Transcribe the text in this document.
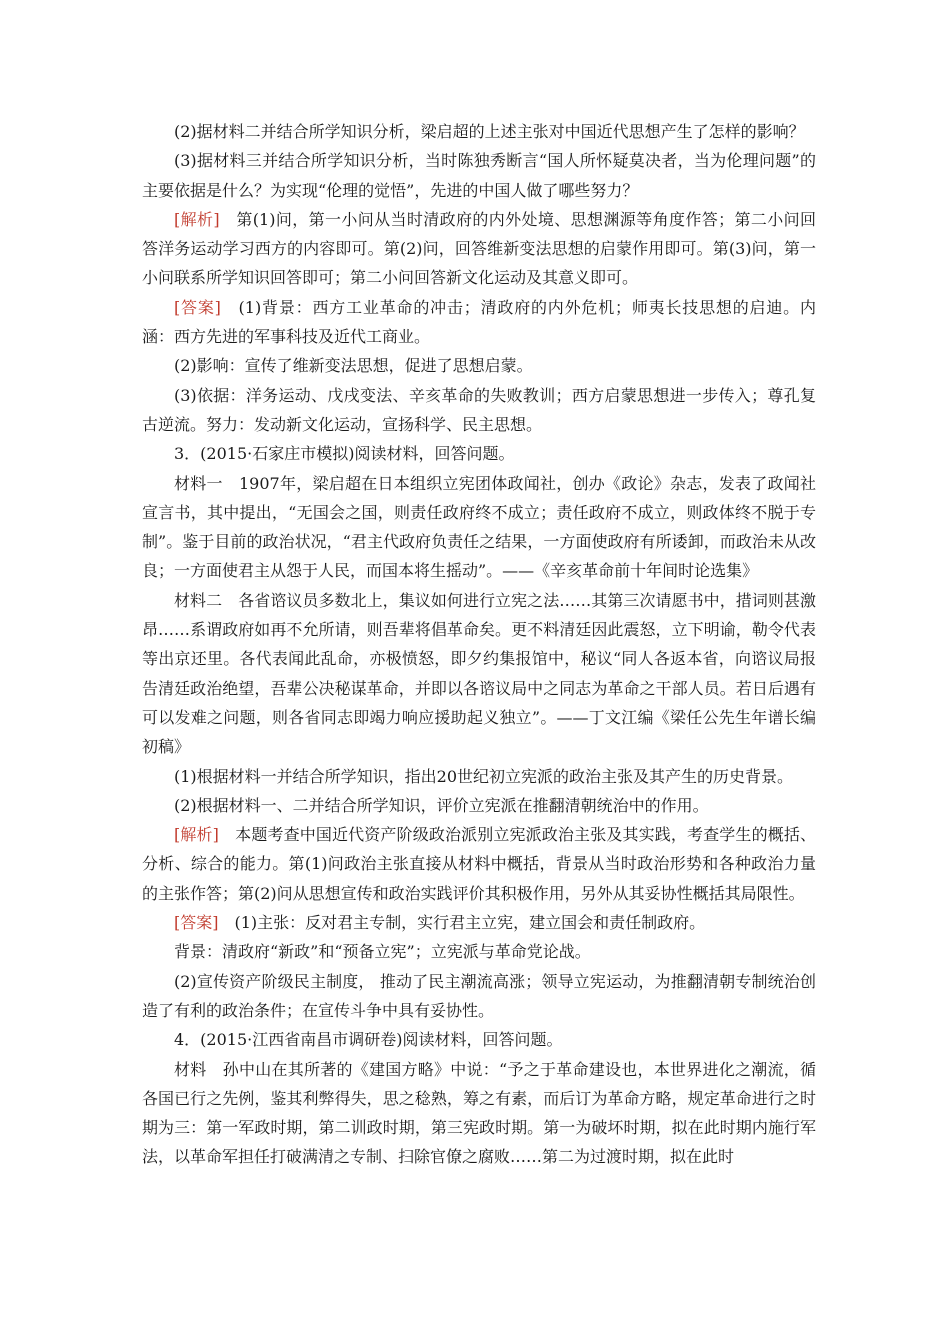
(2)据材料二并结合所学知识分析，梁启超的上述主张对中国近代思想产生了怎样的影响？

(3)据材料三并结合所学知识分析，当时陈独秀断言“国人所怀疑莫决者，当为伦理问题”的主要依据是什么？为实现“伦理的觉悟”，先进的中国人做了哪些努力？

[解析]　第(1)问，第一小问从当时清政府的内外处境、思想渊源等角度作答；第二小问回答洋务运动学习西方的内容即可。第(2)问，回答维新变法思想的启蒙作用即可。第(3)问，第一小问联系所学知识回答即可；第二小问回答新文化运动及其意义即可。

[答案]　(1)背景：西方工业革命的冲击；清政府的内外危机；师夷长技思想的启迪。内涵：西方先进的军事科技及近代工商业。

(2)影响：宣传了维新变法思想，促进了思想启蒙。

(3)依据：洋务运动、戊戌变法、辛亥革命的失败教训；西方启蒙思想进一步传入；尊孔复古逆流。努力：发动新文化运动，宣扬科学、民主思想。

3．(2015·石家庄市模拟)阅读材料，回答问题。

材料一　1907年，梁启超在日本组织立宪团体政闻社，创办《政论》杂志，发表了政闻社宣言书，其中提出，“无国会之国，则责任政府终不成立；责任政府不成立，则政体终不脱于专制”。鉴于目前的政治状况，“君主代政府负责任之结果，一方面使政府有所诿卸，而政治未从改良；一方面使君主从怨于人民，而国本将生摇动”。——《辛亥革命前十年间时论选集》

材料二　各省谘议员多数北上，集议如何进行立宪之法……其第三次请愿书中，措词则甚激昂……系谓政府如再不允所请，则吾辈将倡革命矣。更不料清廷因此震怒，立下明谕，勒令代表等出京还里。各代表闻此乱命，亦极愤怒，即夕约集报馆中，秘议“同人各返本省，向谘议局报告清廷政治绝望，吾辈公决秘谋革命，并即以各谘议局中之同志为革命之干部人员。若日后遇有可以发难之问题，则各省同志即竭力响应援助起义独立”。——丁文江编《梁任公先生年谱长编初稿》

(1)根据材料一并结合所学知识，指出20世纪初立宪派的政治主张及其产生的历史背景。

(2)根据材料一、二并结合所学知识，评价立宪派在推翻清朝统治中的作用。

[解析]　本题考查中国近代资产阶级政治派别立宪派政治主张及其实践，考查学生的概括、分析、综合的能力。第(1)问政治主张直接从材料中概括，背景从当时政治形势和各种政治力量的主张作答；第(2)问从思想宣传和政治实践评价其积极作用，另外从其妥协性概括其局限性。

[答案]　(1)主张：反对君主专制，实行君主立宪，建立国会和责任制政府。

背景：清政府“新政”和“预备立宪”；立宪派与革命党论战。

(2)宣传资产阶级民主制度， 推动了民主潮流高涨；领导立宪运动，为推翻清朝专制统治创造了有利的政治条件；在宣传斗争中具有妥协性。

4．(2015·江西省南昌市调研卷)阅读材料，回答问题。

材料　孙中山在其所著的《建国方略》中说：“予之于革命建设也，本世界进化之潮流，循各国已行之先例，鉴其利弊得失，思之稔熟，筹之有素，而后订为革命方略，规定革命进行之时期为三：第一军政时期，第二训政时期，第三宪政时期。第一为破坏时期，拟在此时期内施行军法，以革命军担任打破满清之专制、扫除官僚之腐败……第二为过渡时期，拟在此时
